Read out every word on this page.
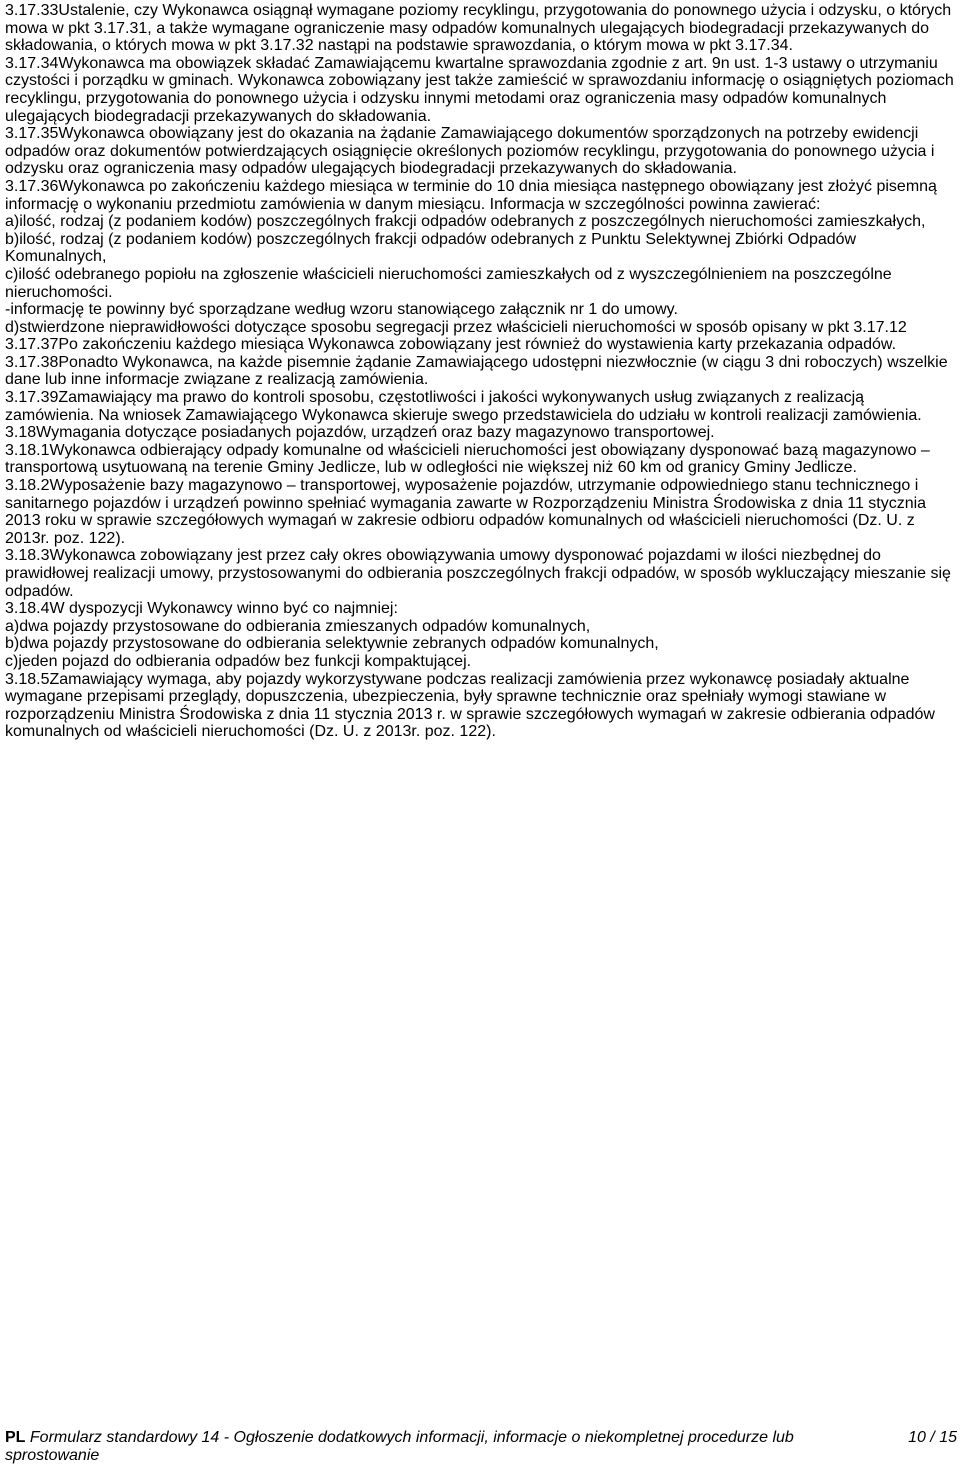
3.17.33Ustalenie, czy Wykonawca osiągnął wymagane poziomy recyklingu, przygotowania do ponownego użycia i odzysku, o których mowa w pkt 3.17.31, a także wymagane ograniczenie masy odpadów komunalnych ulegających biodegradacji przekazywanych do składowania, o których mowa w pkt 3.17.32 nastąpi na podstawie sprawozdania, o którym mowa w pkt 3.17.34.

3.17.34Wykonawca ma obowiązek składać Zamawiającemu kwartalne sprawozdania zgodnie z art. 9n ust. 1-3 ustawy o utrzymaniu czystości i porządku w gminach. Wykonawca zobowiązany jest także zamieścić w sprawozdaniu informację o osiągniętych poziomach recyklingu, przygotowania do ponownego użycia i odzysku innymi metodami oraz ograniczenia masy odpadów komunalnych ulegających biodegradacji przekazywanych do składowania.

3.17.35Wykonawca obowiązany jest do okazania na żądanie Zamawiającego dokumentów sporządzonych na potrzeby ewidencji odpadów oraz dokumentów potwierdzających osiągnięcie określonych poziomów recyklingu, przygotowania do ponownego użycia i odzysku oraz ograniczenia masy odpadów ulegających biodegradacji przekazywanych do składowania.

3.17.36Wykonawca po zakończeniu każdego miesiąca w terminie do 10 dnia miesiąca następnego obowiązany jest złożyć pisemną informację o wykonaniu przedmiotu zamówienia w danym miesiącu. Informacja w szczególności powinna zawierać:

a)ilość, rodzaj (z podaniem kodów) poszczególnych frakcji odpadów odebranych z poszczególnych nieruchomości zamieszkałych,

b)ilość, rodzaj (z podaniem kodów) poszczególnych frakcji odpadów odebranych z Punktu Selektywnej Zbiórki Odpadów Komunalnych,

c)ilość odebranego popiołu na zgłoszenie właścicieli nieruchomości zamieszkałych od z wyszczególnieniem na poszczególne nieruchomości.

-informację te powinny być sporządzane według wzoru stanowiącego załącznik nr 1 do umowy.

d)stwierdzone nieprawidłowości dotyczące sposobu segregacji przez właścicieli nieruchomości w sposób opisany w pkt 3.17.12

3.17.37Po zakończeniu każdego miesiąca Wykonawca zobowiązany jest również do wystawienia karty przekazania odpadów.

3.17.38Ponadto Wykonawca, na każde pisemnie żądanie Zamawiającego udostępni niezwłocznie (w ciągu 3 dni roboczych) wszelkie dane lub inne informacje związane z realizacją zamówienia.

3.17.39Zamawiający ma prawo do kontroli sposobu, częstotliwości i jakości wykonywanych usług związanych z realizacją zamówienia. Na wniosek Zamawiającego Wykonawca skieruje swego przedstawiciela do udziału w kontroli realizacji zamówienia.

3.18Wymagania dotyczące posiadanych pojazdów, urządzeń oraz bazy magazynowo transportowej.

3.18.1Wykonawca odbierający odpady komunalne od właścicieli nieruchomości jest obowiązany dysponować bazą magazynowo – transportową usytuowaną na terenie Gminy Jedlicze, lub w odległości nie większej niż 60 km od granicy Gminy Jedlicze.

3.18.2Wyposażenie bazy magazynowo – transportowej, wyposażenie pojazdów, utrzymanie odpowiedniego stanu technicznego i sanitarnego pojazdów i urządzeń powinno spełniać wymagania zawarte w Rozporządzeniu Ministra Środowiska z dnia 11 stycznia 2013 roku w sprawie szczegółowych wymagań w zakresie odbioru odpadów komunalnych od właścicieli nieruchomości (Dz. U. z 2013r. poz. 122).

3.18.3Wykonawca zobowiązany jest przez cały okres obowiązywania umowy dysponować pojazdami w ilości niezbędnej do prawidłowej realizacji umowy, przystosowanymi do odbierania poszczególnych frakcji odpadów, w sposób wykluczający mieszanie się odpadów.

3.18.4W dyspozycji Wykonawcy winno być co najmniej:

a)dwa pojazdy przystosowane do odbierania zmieszanych odpadów komunalnych,

b)dwa pojazdy przystosowane do odbierania selektywnie zebranych odpadów komunalnych,

c)jeden pojazd do odbierania odpadów bez funkcji kompaktującej.

3.18.5Zamawiający wymaga, aby pojazdy wykorzystywane podczas realizacji zamówienia przez wykonawcę posiadały aktualne wymagane przepisami przeglądy, dopuszczenia, ubezpieczenia, były sprawne technicznie oraz spełniały wymogi stawiane w rozporządzeniu Ministra Środowiska z dnia 11 stycznia 2013 r. w sprawie szczegółowych wymagań w zakresie odbierania odpadów komunalnych od właścicieli nieruchomości (Dz. U. z 2013r. poz. 122).

PL Formularz standardowy 14 - Ogłoszenie dodatkowych informacji, informacje o niekompletnej procedurze lub sprostowanie
10 / 15
